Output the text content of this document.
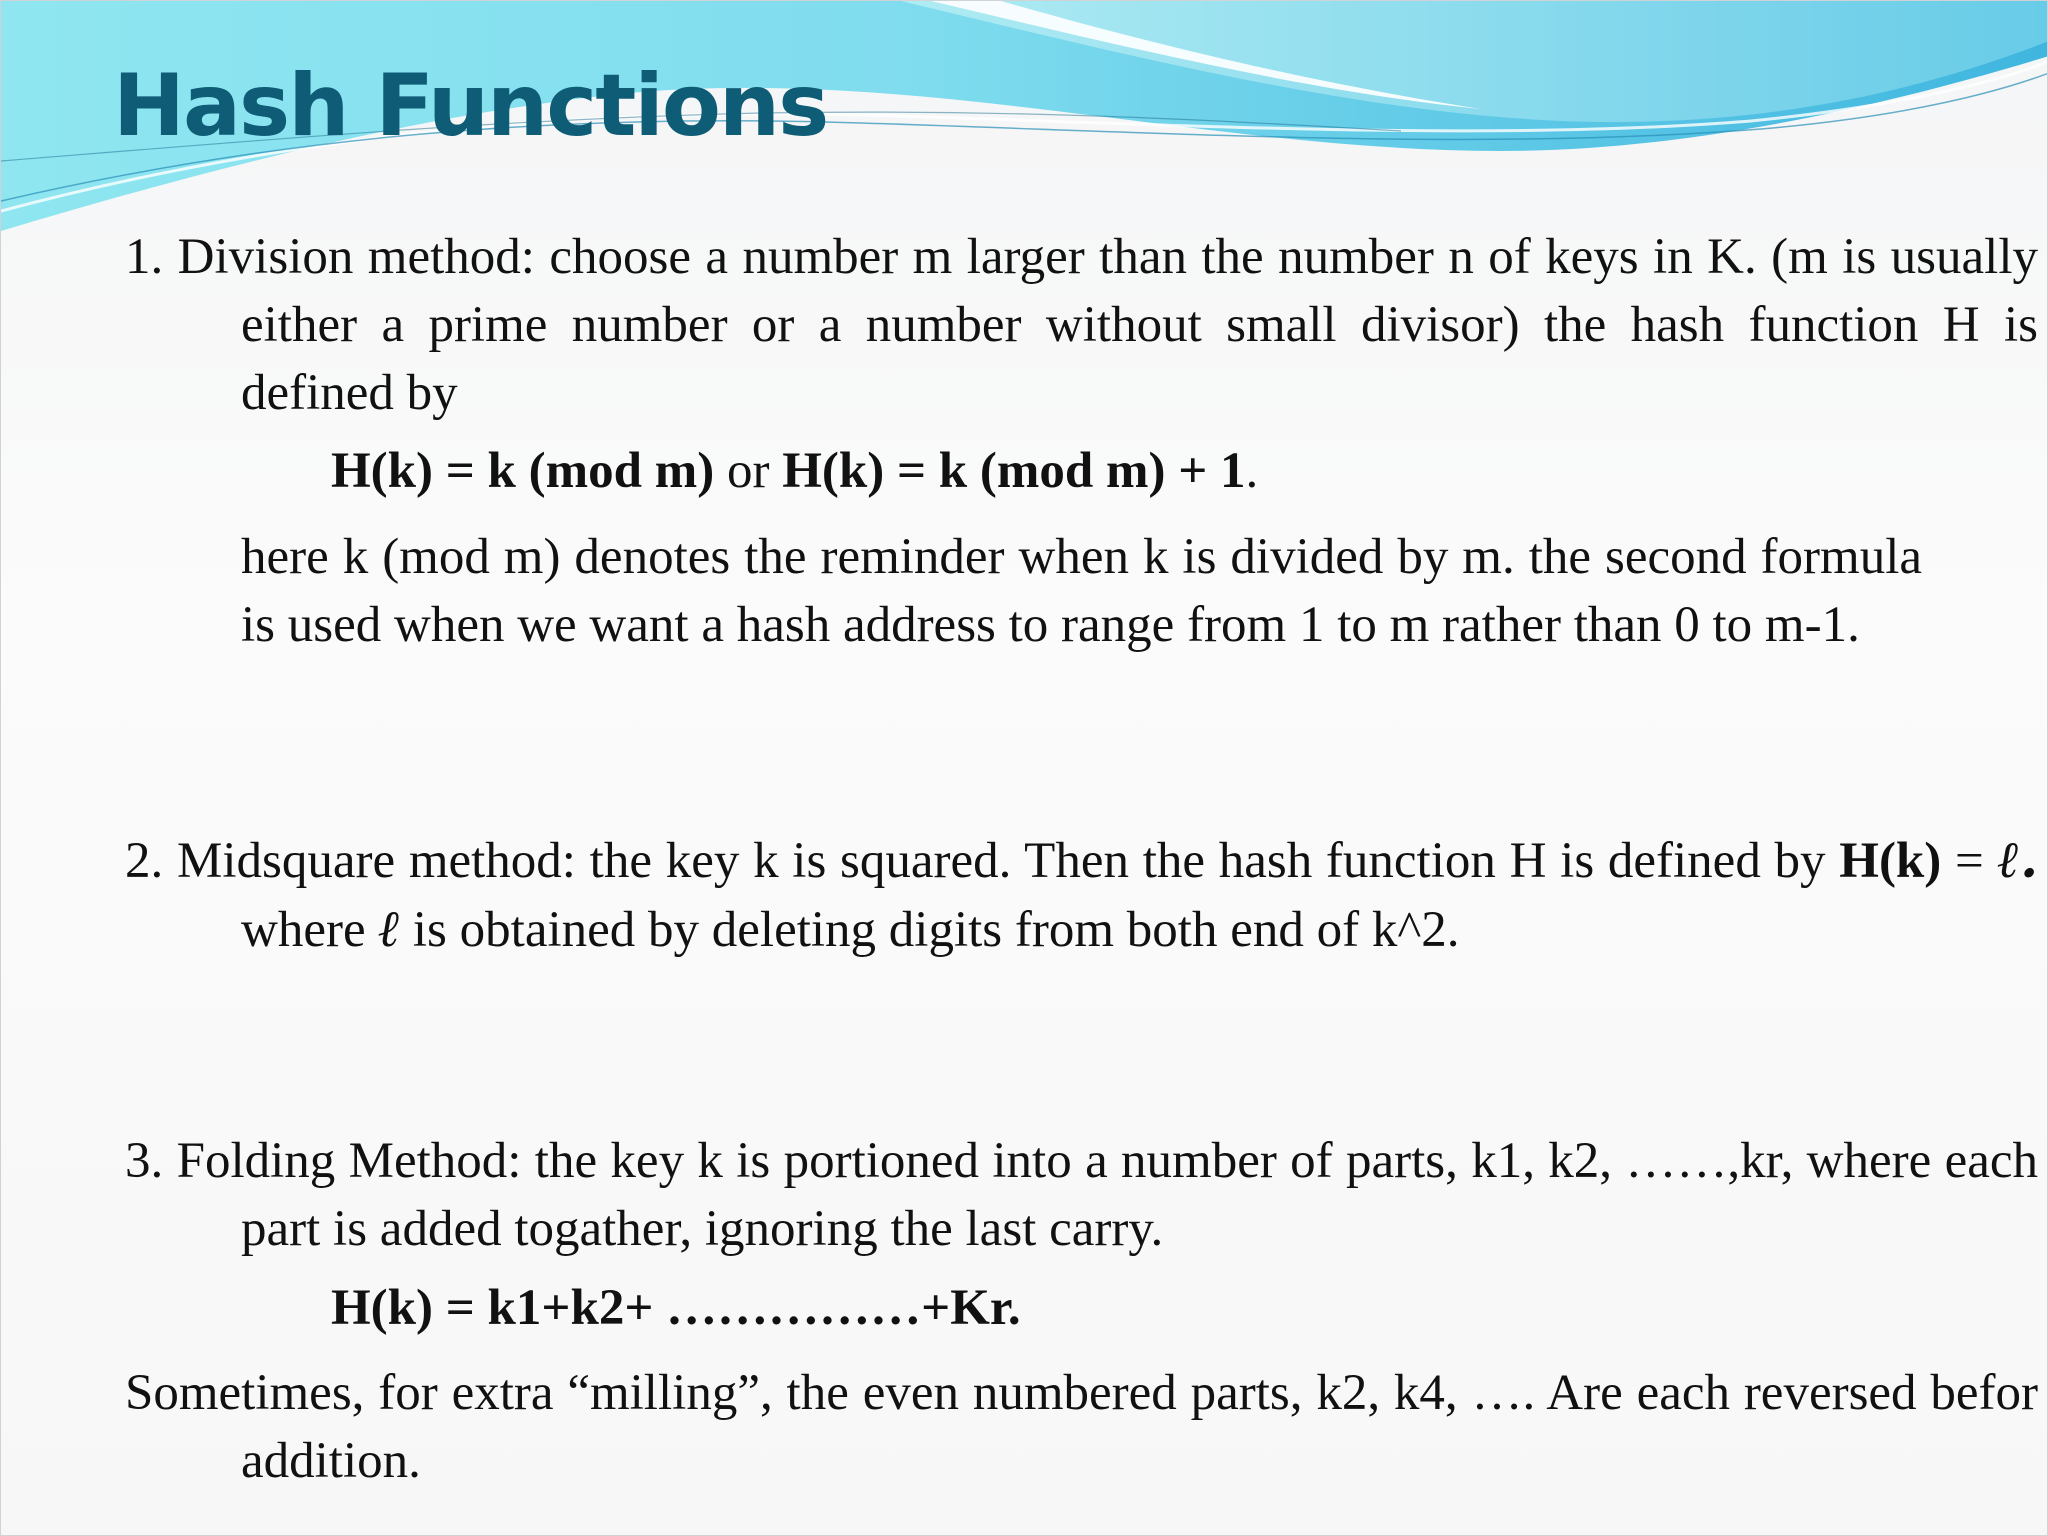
Hash Functions

1. Division method: choose a number m larger than the number n of keys in K. (m is usually either a prime number or a number without small divisor) the hash function H is defined by

H(k) = k (mod m) or H(k) = k (mod m) + 1.

here k (mod m) denotes the reminder when k is divided by m. the second formula is used when we want a hash address to range from 1 to m rather than 0 to m-1.

2. Midsquare method: the key k is squared. Then the hash function H is defined by H(k) = ℓ. where ℓ is obtained by deleting digits from both end of k^2.

3. Folding Method: the key k is portioned into a number of parts, k1, k2, ……,kr, where each part is added togather, ignoring the last carry.

H(k) = k1+k2+ ……………+Kr.

Sometimes, for extra “milling”, the even numbered parts, k2, k4, …. Are each reversed befor addition.
